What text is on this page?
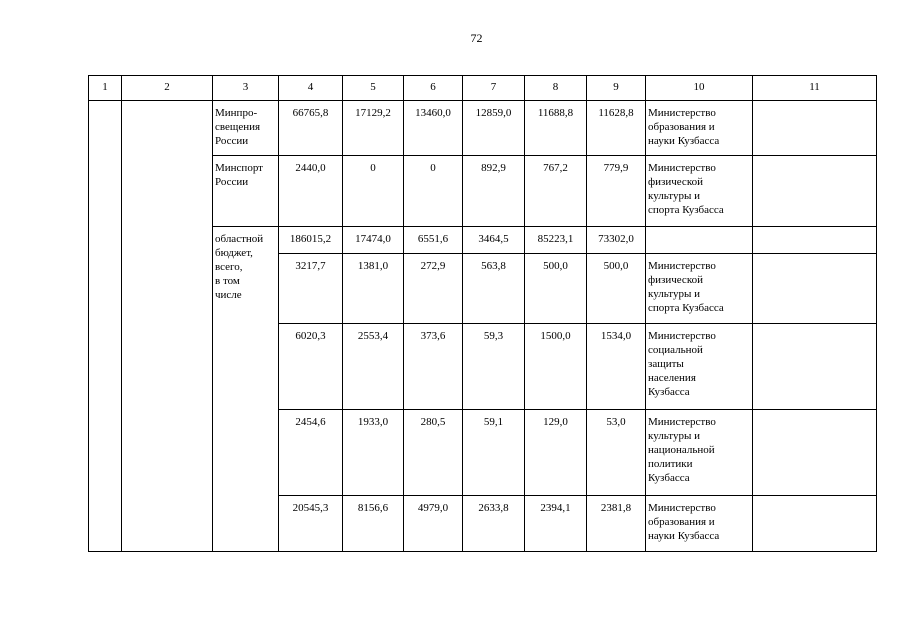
72
1	2	3	4	5	6	7	8	9	10	11
		Минпро-
свещения
России	66765,8	17129,2	13460,0	12859,0	11688,8	11628,8	Министерство
образования и
науки Кузбасса	
		Минспорт
России	2440,0	0	0	892,9	767,2	779,9	Министерство
физической
культуры и
спорта Кузбасса	
		областной
бюджет,
всего,
в том
числе	186015,2	17474,0	6551,6	3464,5	85223,1	73302,0		
			3217,7	1381,0	272,9	563,8	500,0	500,0	Министерство
физической
культуры и
спорта Кузбасса	
			6020,3	2553,4	373,6	59,3	1500,0	1534,0	Министерство
социальной
защиты
населения
Кузбасса	
			2454,6	1933,0	280,5	59,1	129,0	53,0	Министерство
культуры и
национальной
политики
Кузбасса	
			20545,3	8156,6	4979,0	2633,8	2394,1	2381,8	Министерство
образования и
науки Кузбасса	
